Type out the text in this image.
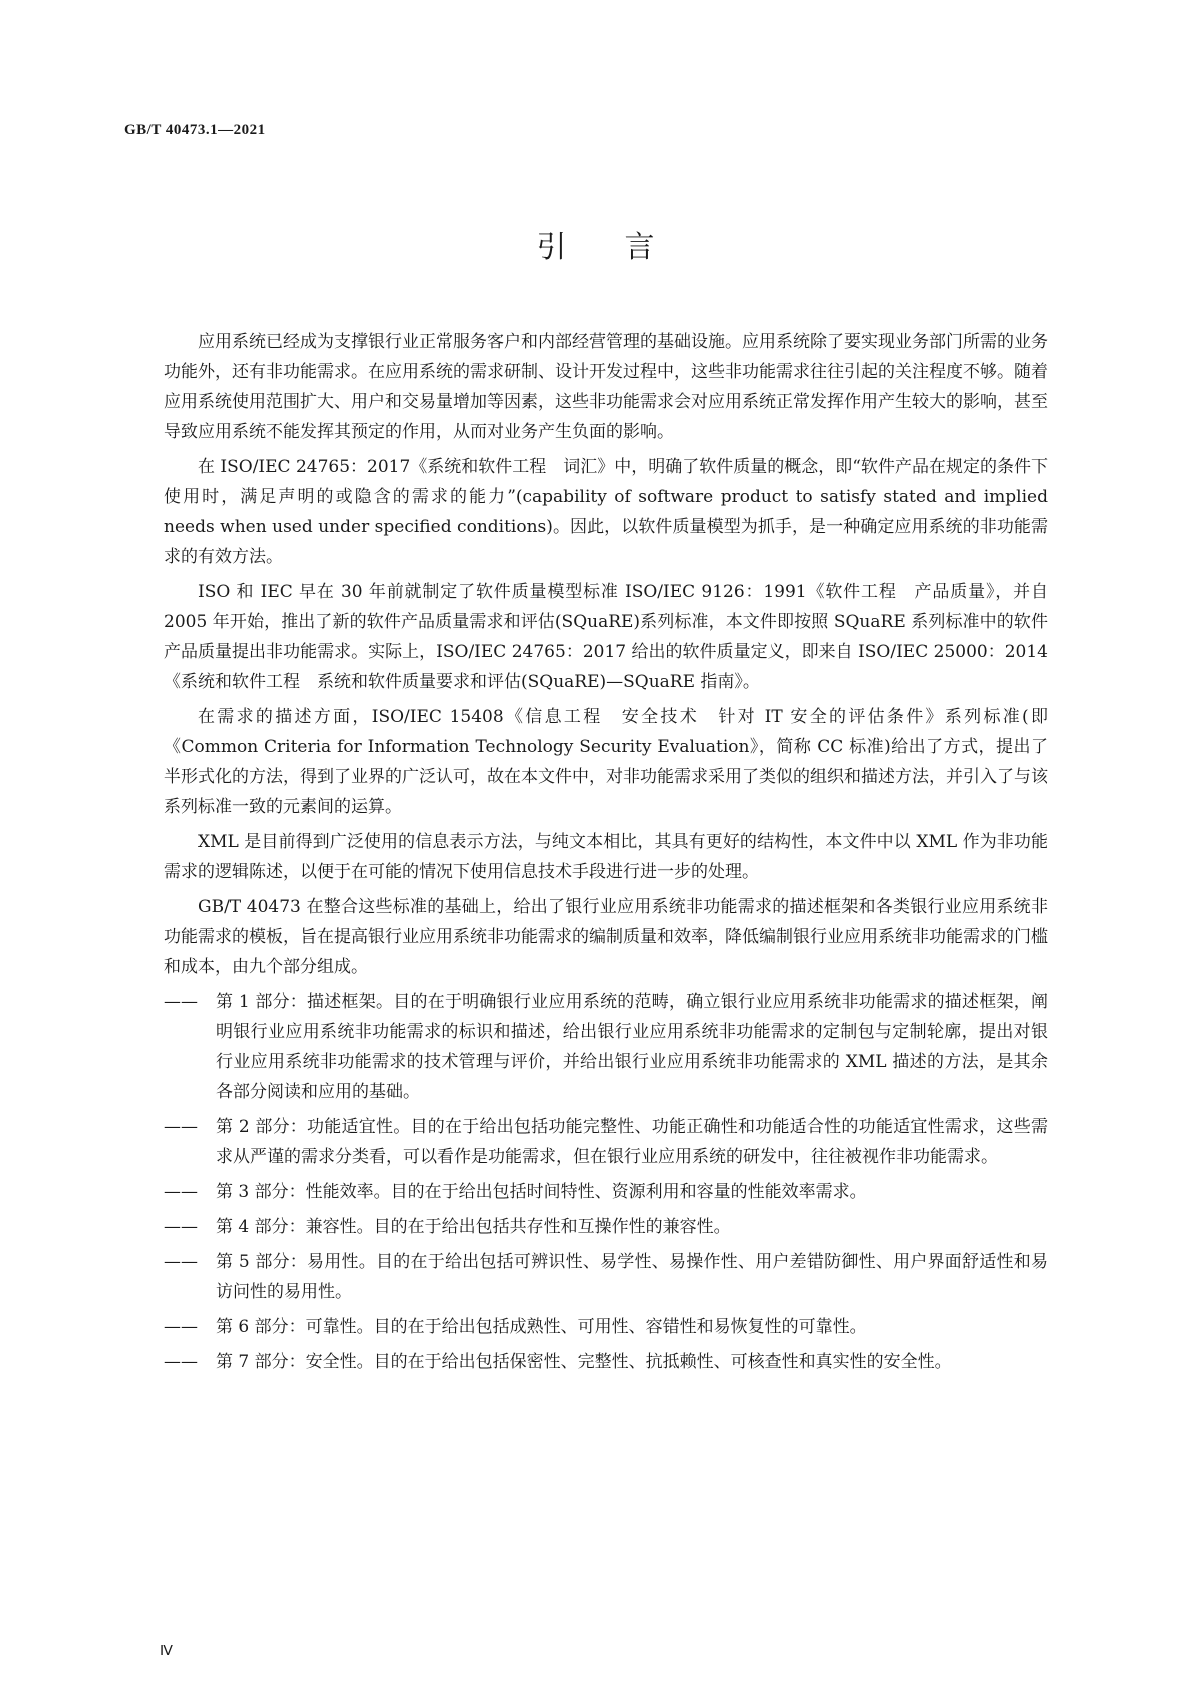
GB/T 40473.1—2021
引言

应用系统已经成为支撑银行业正常服务客户和内部经营管理的基础设施。应用系统除了要实现业务部门所需的业务功能外，还有非功能需求。在应用系统的需求研制、设计开发过程中，这些非功能需求往往引起的关注程度不够。随着应用系统使用范围扩大、用户和交易量增加等因素，这些非功能需求会对应用系统正常发挥作用产生较大的影响，甚至导致应用系统不能发挥其预定的作用，从而对业务产生负面的影响。

在 ISO/IEC 24765：2017《系统和软件工程　词汇》中，明确了软件质量的概念，即“软件产品在规定的条件下使用时，满足声明的或隐含的需求的能力”(capability of software product to satisfy stated and implied needs when used under specified conditions)。因此，以软件质量模型为抓手，是一种确定应用系统的非功能需求的有效方法。

ISO 和 IEC 早在 30 年前就制定了软件质量模型标准 ISO/IEC 9126：1991《软件工程　产品质量》，并自 2005 年开始，推出了新的软件产品质量需求和评估(SQuaRE)系列标准，本文件即按照 SQuaRE 系列标准中的软件产品质量提出非功能需求。实际上，ISO/IEC 24765：2017 给出的软件质量定义，即来自 ISO/IEC 25000：2014《系统和软件工程　系统和软件质量要求和评估(SQuaRE)—SQuaRE 指南》。

在需求的描述方面，ISO/IEC 15408《信息工程　安全技术　针对 IT 安全的评估条件》系列标准(即《Common Criteria for Information Technology Security Evaluation》，简称 CC 标准)给出了方式，提出了半形式化的方法，得到了业界的广泛认可，故在本文件中，对非功能需求采用了类似的组织和描述方法，并引入了与该系列标准一致的元素间的运算。

XML 是目前得到广泛使用的信息表示方法，与纯文本相比，其具有更好的结构性，本文件中以 XML 作为非功能需求的逻辑陈述，以便于在可能的情况下使用信息技术手段进行进一步的处理。

GB/T 40473 在整合这些标准的基础上，给出了银行业应用系统非功能需求的描述框架和各类银行业应用系统非功能需求的模板，旨在提高银行业应用系统非功能需求的编制质量和效率，降低编制银行业应用系统非功能需求的门槛和成本，由九个部分组成。

—— 第 1 部分：描述框架。目的在于明确银行业应用系统的范畴，确立银行业应用系统非功能需求的描述框架，阐明银行业应用系统非功能需求的标识和描述，给出银行业应用系统非功能需求的定制包与定制轮廓，提出对银行业应用系统非功能需求的技术管理与评价，并给出银行业应用系统非功能需求的 XML 描述的方法，是其余各部分阅读和应用的基础。
—— 第 2 部分：功能适宜性。目的在于给出包括功能完整性、功能正确性和功能适合性的功能适宜性需求，这些需求从严谨的需求分类看，可以看作是功能需求，但在银行业应用系统的研发中，往往被视作非功能需求。
—— 第 3 部分：性能效率。目的在于给出包括时间特性、资源利用和容量的性能效率需求。
—— 第 4 部分：兼容性。目的在于给出包括共存性和互操作性的兼容性。
—— 第 5 部分：易用性。目的在于给出包括可辨识性、易学性、易操作性、用户差错防御性、用户界面舒适性和易访问性的易用性。
—— 第 6 部分：可靠性。目的在于给出包括成熟性、可用性、容错性和易恢复性的可靠性。
—— 第 7 部分：安全性。目的在于给出包括保密性、完整性、抗抵赖性、可核查性和真实性的安全性。
Ⅳ
